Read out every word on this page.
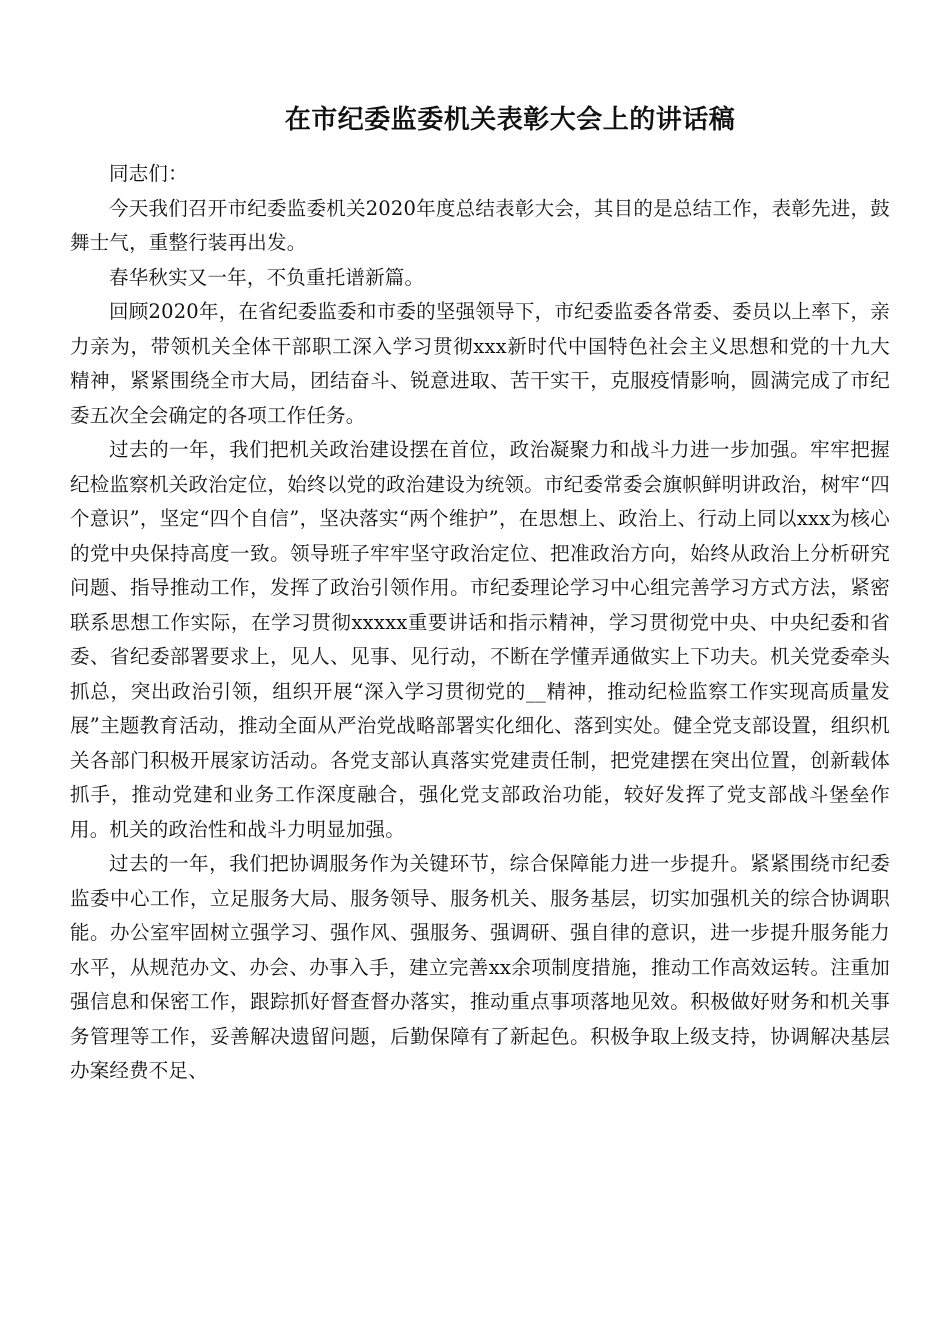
在市纪委监委机关表彰大会上的讲话稿

同志们：

今天我们召开市纪委监委机关2020年度总结表彰大会，其目的是总结工作，表彰先进，鼓舞士气，重整行装再出发。

春华秋实又一年，不负重托谱新篇。

回顾2020年，在省纪委监委和市委的坚强领导下，市纪委监委各常委、委员以上率下，亲力亲为，带领机关全体干部职工深入学习贯彻xxx新时代中国特色社会主义思想和党的十九大精神，紧紧围绕全市大局，团结奋斗、锐意进取、苦干实干，克服疫情影响，圆满完成了市纪委五次全会确定的各项工作任务。

过去的一年，我们把机关政治建设摆在首位，政治凝聚力和战斗力进一步加强。牢牢把握纪检监察机关政治定位，始终以党的政治建设为统领。市纪委常委会旗帜鲜明讲政治，树牢“四个意识”，坚定“四个自信”，坚决落实“两个维护”，在思想上、政治上、行动上同以xxx为核心的党中央保持高度一致。领导班子牢牢坚守政治定位、把准政治方向，始终从政治上分析研究问题、指导推动工作，发挥了政治引领作用。市纪委理论学习中心组完善学习方式方法，紧密联系思想工作实际，在学习贯彻xxxxx重要讲话和指示精神，学习贯彻党中央、中央纪委和省委、省纪委部署要求上，见人、见事、见行动，不断在学懂弄通做实上下功夫。机关党委牵头抓总，突出政治引领，组织开展“深入学习贯彻党的__精神，推动纪检监察工作实现高质量发展”主题教育活动，推动全面从严治党战略部署实化细化、落到实处。健全党支部设置，组织机关各部门积极开展家访活动。各党支部认真落实党建责任制，把党建摆在突出位置，创新载体抓手，推动党建和业务工作深度融合，强化党支部政治功能，较好发挥了党支部战斗堡垒作用。机关的政治性和战斗力明显加强。

过去的一年，我们把协调服务作为关键环节，综合保障能力进一步提升。紧紧围绕市纪委监委中心工作，立足服务大局、服务领导、服务机关、服务基层，切实加强机关的综合协调职能。办公室牢固树立强学习、强作风、强服务、强调研、强自律的意识，进一步提升服务能力水平，从规范办文、办会、办事入手，建立完善xx余项制度措施，推动工作高效运转。注重加强信息和保密工作，跟踪抓好督查督办落实，推动重点事项落地见效。积极做好财务和机关事务管理等工作，妥善解决遗留问题，后勤保障有了新起色。积极争取上级支持，协调解决基层办案经费不足、
